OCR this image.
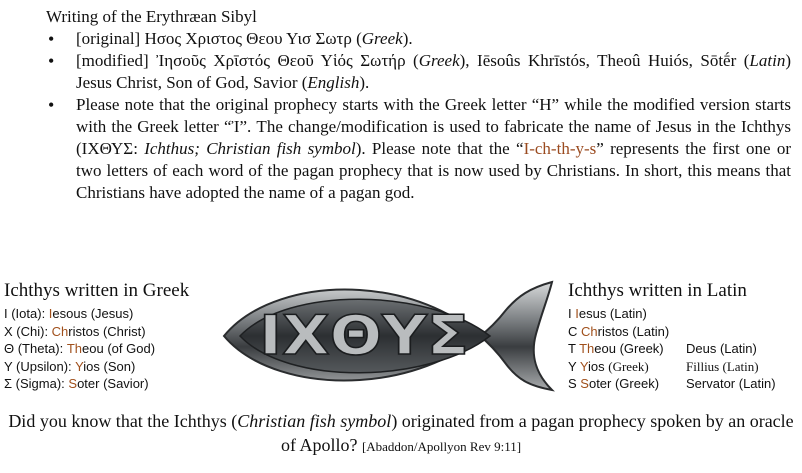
Writing of the Erythræan Sibyl
• [original] Ησος Χριστος Θεου Υισ Σωτρ (Greek).
• [modified] Ἰησοῦς Χρῑστός Θεοῦ Υἱός Σωτήρ (Greek), Iēsoûs Khrīstós, Theoû Huiós, Sōtḗr (Latin) Jesus Christ, Son of God, Savior (English).
• Please note that the original prophecy starts with the Greek letter “H” while the modified version starts with the Greek letter “Ἰ”. The change/modification is used to fabricate the name of Jesus in the Ichthys (ΙΧΘΥΣ: Ichthus; Christian fish symbol). Please note that the “I-ch-th-y-s” represents the first one or two letters of each word of the pagan prophecy that is now used by Christians. In short, this means that Christians have adopted the name of a pagan god.
Ichthys written in Greek
I (Iota): Iesous (Jesus)
X (Chi): Christos (Christ)
Θ (Theta): Theou (of God)
Y (Upsilon): Yios (Son)
Σ (Sigma): Soter (Savior)
ΙΧΘΥΣ
Ichthys written in Latin
I Iesus (Latin)
C Christos (Latin)
T Theou (Greek) Deus (Latin)
Y Yios (Greek)	Fillius (Latin)
S Soter (Greek) Servator (Latin)
Did you know that the Ichthys (Christian fish symbol) originated from a pagan prophecy spoken by an oracle of Apollo? [Abaddon/Apollyon Rev 9:11]
